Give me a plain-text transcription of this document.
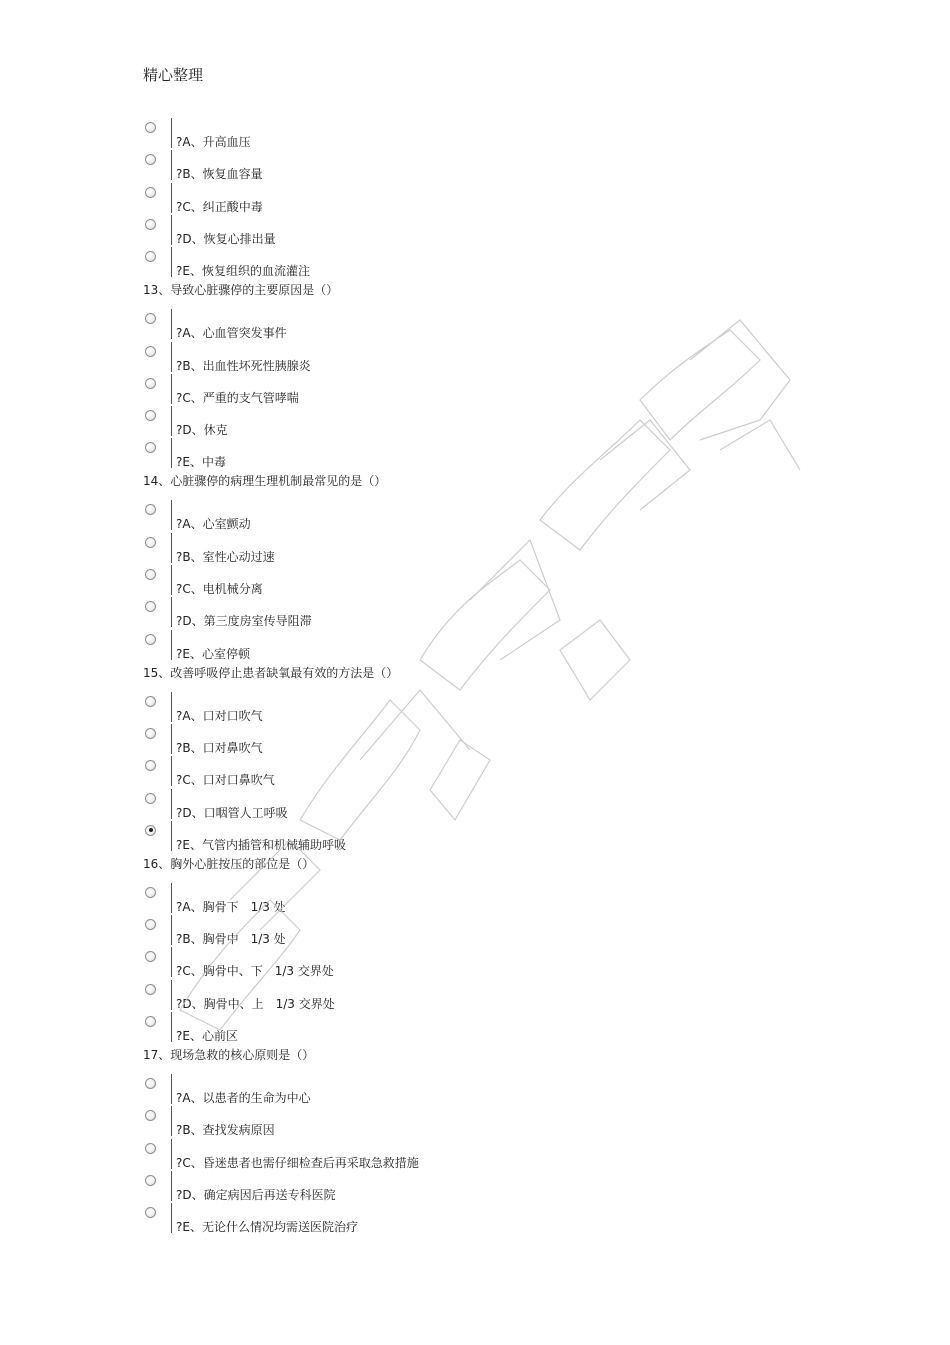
精心整理
?A、升高血压
?B、恢复血容量
?C、纠正酸中毒
?D、恢复心排出量
?E、恢复组织的血流灌注
13、导致心脏骤停的主要原因是（）
?A、心血管突发事件
?B、出血性坏死性胰腺炎
?C、严重的支气管哮喘
?D、休克
?E、中毒
14、心脏骤停的病理生理机制最常见的是（）
?A、心室颤动
?B、室性心动过速
?C、电机械分离
?D、第三度房室传导阻滞
?E、心室停顿
15、改善呼吸停止患者缺氧最有效的方法是（）
?A、口对口吹气
?B、口对鼻吹气
?C、口对口鼻吹气
?D、口咽管人工呼吸
?E、气管内插管和机械辅助呼吸
16、胸外心脏按压的部位是（）
?A、胸骨下　1/3 处
?B、胸骨中　1/3 处
?C、胸骨中、下　1/3 交界处
?D、胸骨中、上　1/3 交界处
?E、心前区
17、现场急救的核心原则是（）
?A、以患者的生命为中心
?B、查找发病原因
?C、昏迷患者也需仔细检查后再采取急救措施
?D、确定病因后再送专科医院
?E、无论什么情况均需送医院治疗
